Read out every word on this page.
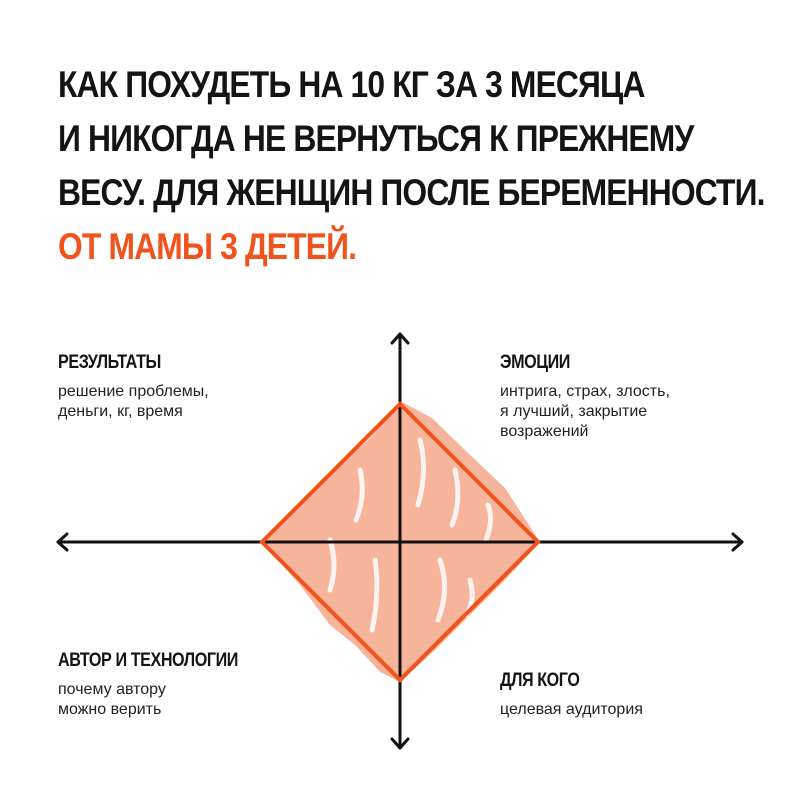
КАК ПОХУДЕТЬ НА 10 КГ ЗА 3 МЕСЯЦА
И НИКОГДА НЕ ВЕРНУТЬСЯ К ПРЕЖНЕМУ
ВЕСУ. ДЛЯ ЖЕНЩИН ПОСЛЕ БЕРЕМЕННОСТИ.
ОТ МАМЫ 3 ДЕТЕЙ.
РЕЗУЛЬТАТЫ
решение проблемы,
деньги, кг, время
ЭМОЦИИ
интрига, страх, злость,
я лучший, закрытие
возражений
АВТОР И ТЕХНОЛОГИИ
почему автору
можно верить
ДЛЯ КОГО
целевая аудитория
